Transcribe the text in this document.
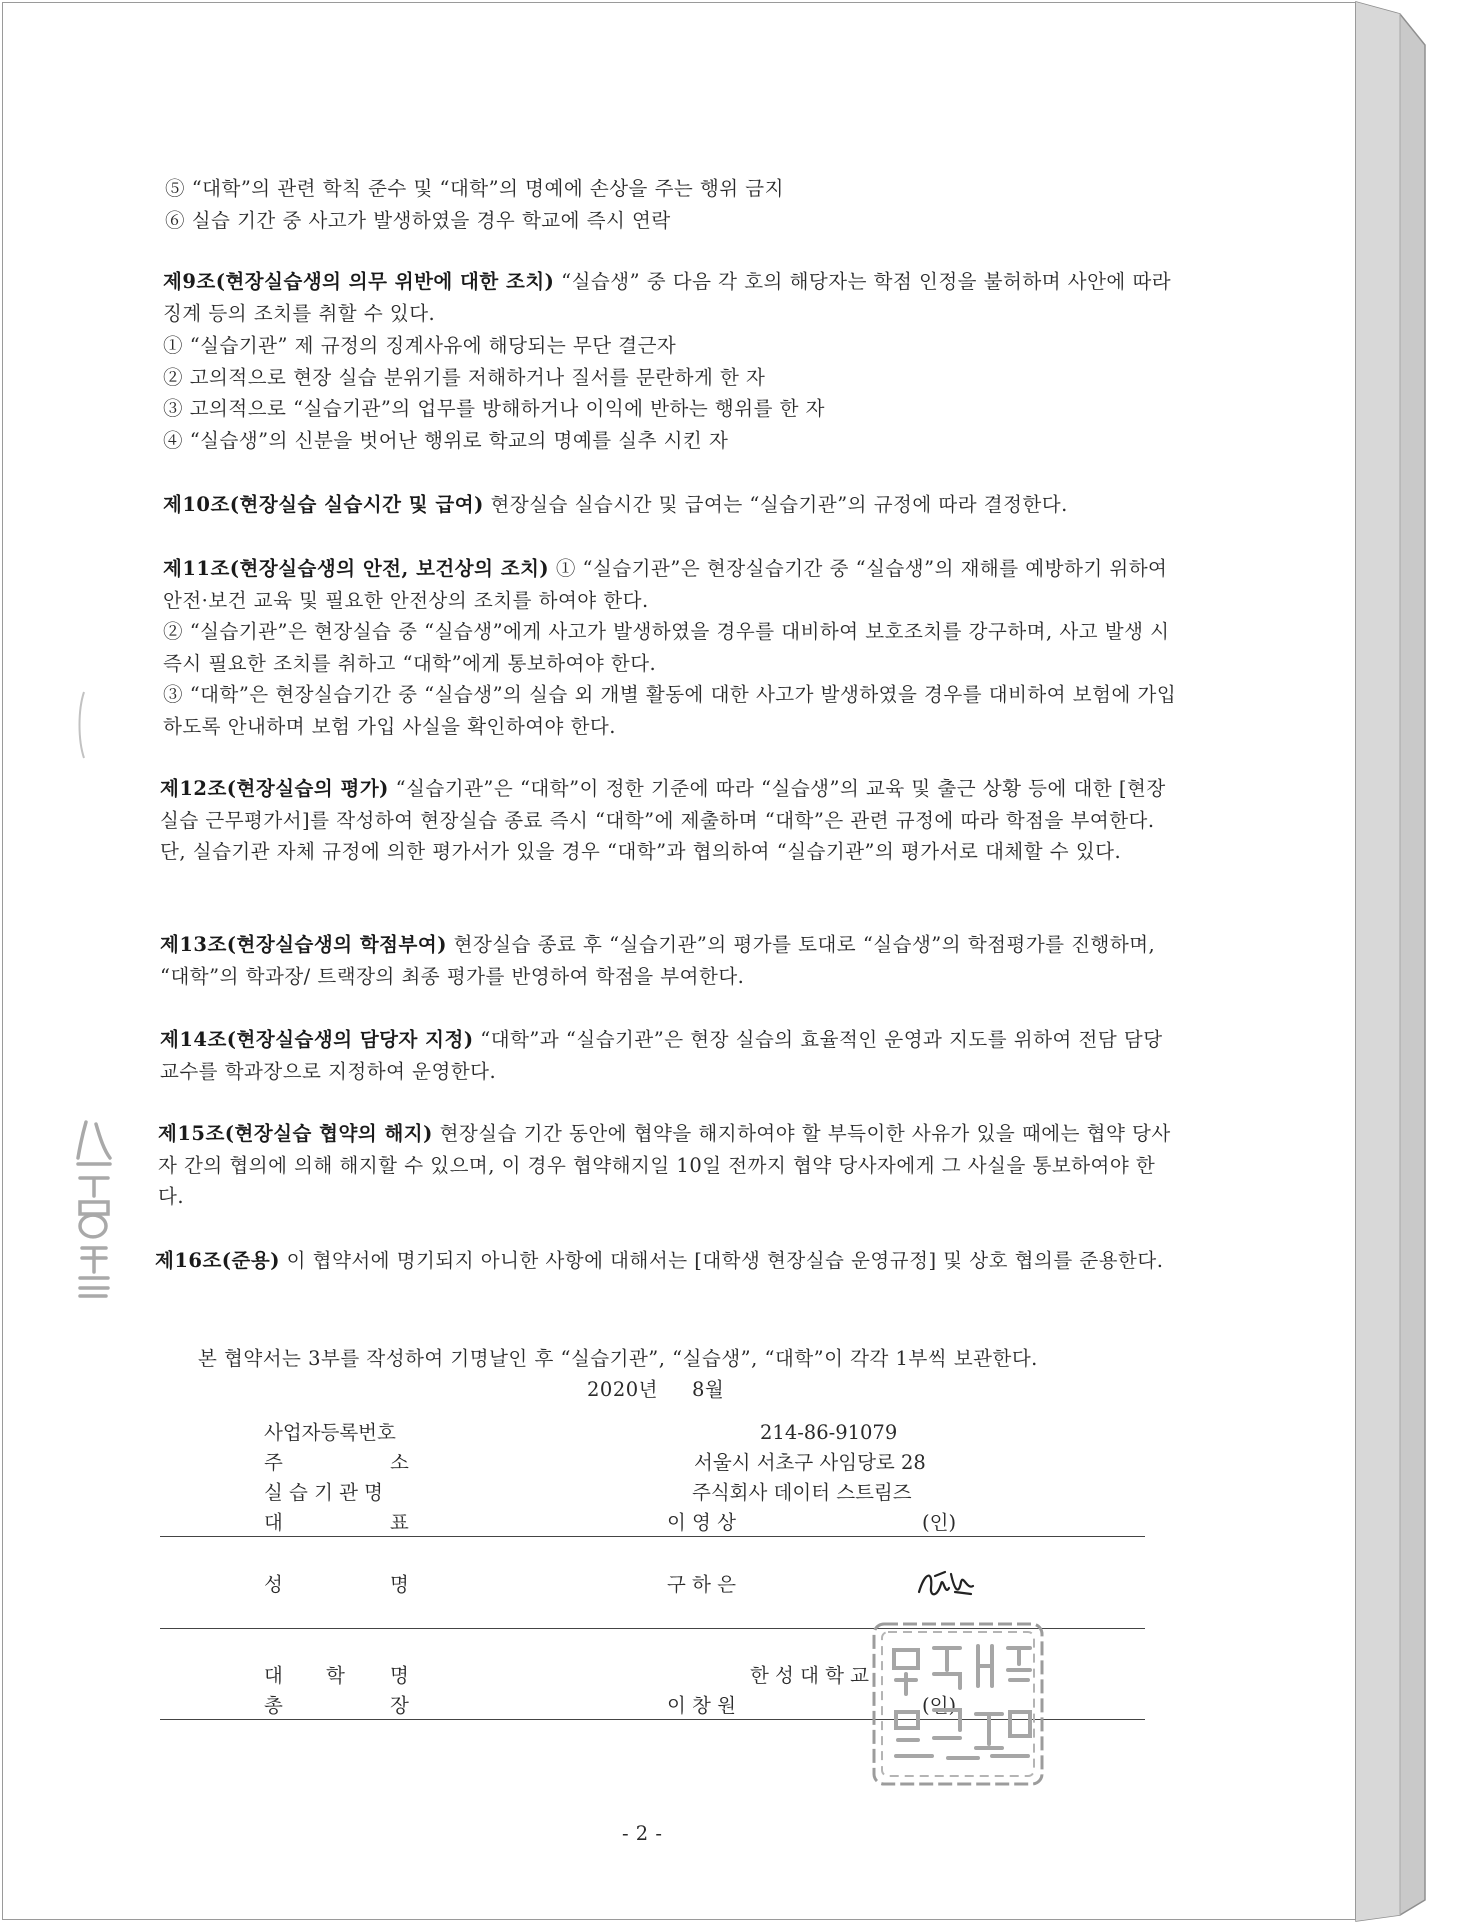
⑤ “대학”의 관련 학칙 준수 및 “대학”의 명예에 손상을 주는 행위 금지
⑥ 실습 기간 중 사고가 발생하였을 경우 학교에 즉시 연락
제9조(현장실습생의 의무 위반에 대한 조치) “실습생” 중 다음 각 호의 해당자는 학점 인정을 불허하며 사안에 따라 징계 등의 조치를 취할 수 있다.
① “실습기관” 제 규정의 징계사유에 해당되는 무단 결근자
② 고의적으로 현장 실습 분위기를 저해하거나 질서를 문란하게 한 자
③ 고의적으로 “실습기관”의 업무를 방해하거나 이익에 반하는 행위를 한 자
④ “실습생”의 신분을 벗어난 행위로 학교의 명예를 실추 시킨 자
제10조(현장실습 실습시간 및 급여) 현장실습 실습시간 및 급여는 “실습기관”의 규정에 따라 결정한다.
제11조(현장실습생의 안전, 보건상의 조치) ① “실습기관”은 현장실습기간 중 “실습생”의 재해를 예방하기 위하여 안전·보건 교육 및 필요한 안전상의 조치를 하여야 한다.
② “실습기관”은 현장실습 중 “실습생”에게 사고가 발생하였을 경우를 대비하여 보호조치를 강구하며, 사고 발생 시 즉시 필요한 조치를 취하고 “대학”에게 통보하여야 한다.
③ “대학”은 현장실습기간 중 “실습생”의 실습 외 개별 활동에 대한 사고가 발생하였을 경우를 대비하여 보험에 가입하도록 안내하며 보험 가입 사실을 확인하여야 한다.
제12조(현장실습의 평가) “실습기관”은 “대학”이 정한 기준에 따라 “실습생”의 교육 및 출근 상황 등에 대한 [현장실습 근무평가서]를 작성하여 현장실습 종료 즉시 “대학”에 제출하며 “대학”은 관련 규정에 따라 학점을 부여한다. 단, 실습기관 자체 규정에 의한 평가서가 있을 경우 “대학”과 협의하여 “실습기관”의 평가서로 대체할 수 있다.
제13조(현장실습생의 학점부여) 현장실습 종료 후 “실습기관”의 평가를 토대로 “실습생”의 학점평가를 진행하며, “대학”의 학과장/ 트랙장의 최종 평가를 반영하여 학점을 부여한다.
제14조(현장실습생의 담당자 지정) “대학”과 “실습기관”은 현장 실습의 효율적인 운영과 지도를 위하여 전담 담당교수를 학과장으로 지정하여 운영한다.
제15조(현장실습 협약의 해지) 현장실습 기간 동안에 협약을 해지하여야 할 부득이한 사유가 있을 때에는 협약 당사자 간의 협의에 의해 해지할 수 있으며, 이 경우 협약해지일 10일 전까지 협약 당사자에게 그 사실을 통보하여야 한다.
제16조(준용) 이 협약서에 명기되지 아니한 사항에 대해서는 [대학생 현장실습 운영규정] 및 상호 협의를 준용한다.
본 협약서는 3부를 작성하여 기명날인 후 “실습기관”, “실습생”, “대학”이 각각 1부씩 보관한다.
2020년 8월
사업자등록번호	214-86-91079
주	소	서울시 서초구 사임당로 28
실 습 기 관 명	주식회사 데이터 스트림즈
대	표	이 영 상	(인)
성	명	구 하 은
대 학 명	한 성 대 학 교
총	장	이 창 원	(인)
- 2 -
